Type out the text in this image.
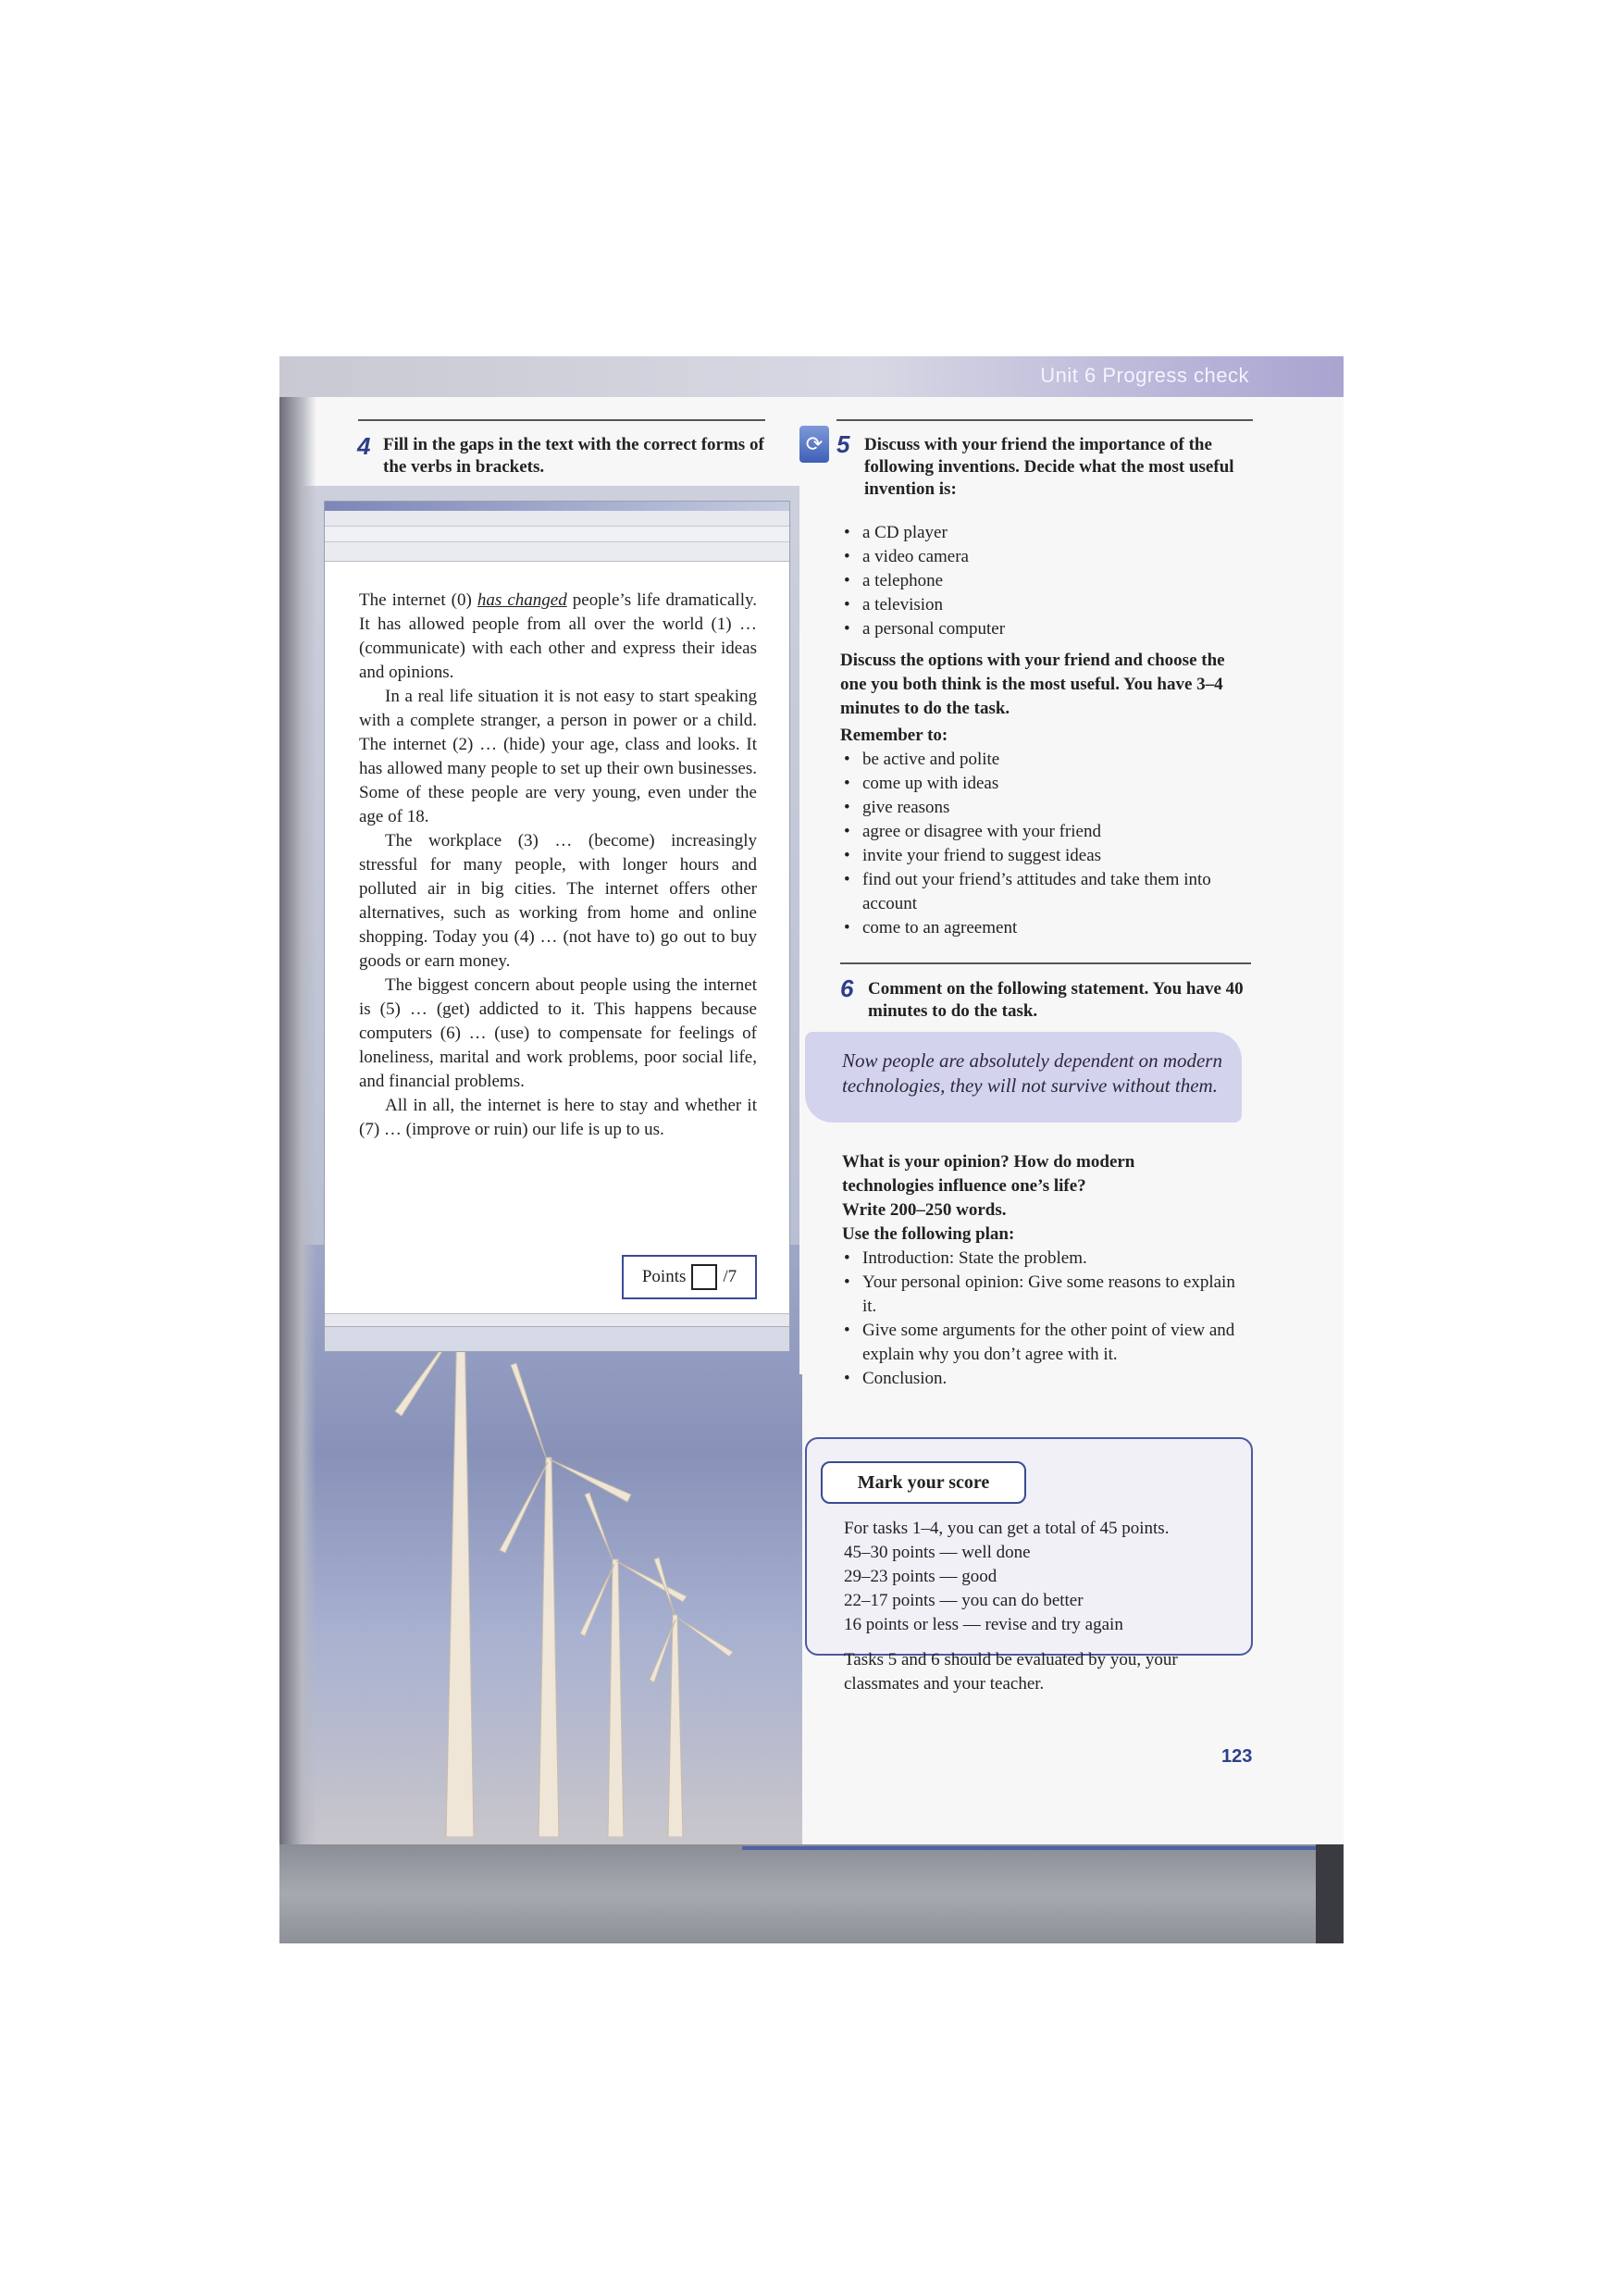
Unit 6 Progress check
4 Fill in the gaps in the text with the correct forms of the verbs in brackets.

The internet (0) has changed people’s life dramatically. It has allowed people from all over the world (1) … (communicate) with each other and express their ideas and opinions.

In a real life situation it is not easy to start speaking with a complete stranger, a person in power or a child. The internet (2) … (hide) your age, class and looks. It has allowed many people to set up their own businesses. Some of these people are very young, even under the age of 18.

The workplace (3) … (become) increasingly stressful for many people, with longer hours and polluted air in big cities. The internet offers other alternatives, such as working from home and online shopping. Today you (4) … (not have to) go out to buy goods or earn money.

The biggest concern about people using the internet is (5) … (get) addicted to it. This happens because computers (6) … (use) to compensate for feelings of loneliness, marital and work problems, poor social life, and financial problems.

All in all, the internet is here to stay and whether it (7) … (improve or ruin) our life is up to us.

Points /7
⟳ 5 Discuss with your friend the importance of the following inventions. Decide what the most useful invention is:
• a CD player
• a video camera
• a telephone
• a television
• a personal computer
Discuss the options with your friend and choose the one you both think is the most useful. You have 3–4 minutes to do the task.
Remember to:
• be active and polite
• come up with ideas
• give reasons
• agree or disagree with your friend
• invite your friend to suggest ideas
• find out your friend’s attitudes and take them into account
• come to an agreement
6 Comment on the following statement. You have 40 minutes to do the task.
Now people are absolutely dependent on modern technologies, they will not survive without them.
What is your opinion? How do modern technologies influence one’s life?
Write 200–250 words.
Use the following plan:
• Introduction: State the problem.
• Your personal opinion: Give some reasons to explain it.
• Give some arguments for the other point of view and explain why you don’t agree with it.
• Conclusion.
Mark your score
For tasks 1–4, you can get a total of 45 points.
45–30 points — well done
29–23 points — good
22–17 points — you can do better
16 points or less — revise and try again
Tasks 5 and 6 should be evaluated by you, your classmates and your teacher.
123
